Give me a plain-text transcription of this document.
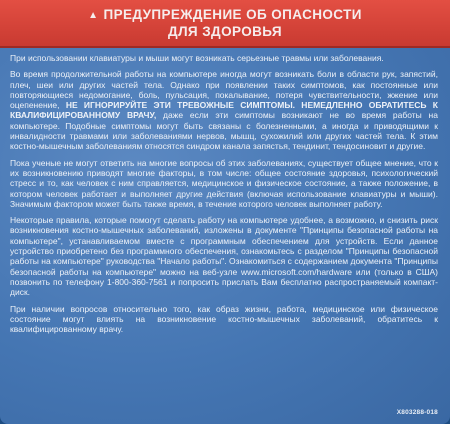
▲ ПРЕДУПРЕЖДЕНИЕ ОБ ОПАСНОСТИ
ДЛЯ ЗДОРОВЬЯ

При использовании клавиатуры и мыши могут возникать серьезные травмы или заболевания.

Во время продолжительной работы на компьютере иногда могут возникать боли в области рук, запястий, плеч, шеи или других частей тела. Однако при появлении таких симптомов, как постоянные или повторяющиеся недомогание, боль, пульсация, покалывание, потеря чувствительности, жжение или оцепенение, НЕ ИГНОРИРУЙТЕ ЭТИ ТРЕВОЖНЫЕ СИМПТОМЫ. НЕМЕДЛЕННО ОБРАТИТЕСЬ К КВАЛИФИЦИРОВАННОМУ ВРАЧУ, даже если эти симптомы возникают не во время работы на компьютере. Подобные симптомы могут быть связаны с болезненными, а иногда и приводящими к инвалидности травмами или заболеваниями нервов, мышц, сухожилий или других частей тела. К этим костно-мышечным заболеваниям относятся синдром канала запястья, тендинит, тендосиновит и другие.

Пока ученые не могут ответить на многие вопросы об этих заболеваниях, существует общее мнение, что к их возникновению приводят многие факторы, в том числе: общее состояние здоровья, психологический стресс и то, как человек с ним справляется, медицинское и физическое состояние, а также положение, в котором человек работает и выполняет другие действия (включая использование клавиатуры и мыши). Значимым фактором может быть также время, в течение которого человек выполняет работу.

Некоторые правила, которые помогут сделать работу на компьютере удобнее, а возможно, и снизить риск возникновения костно-мышечных заболеваний, изложены в документе "Принципы безопасной работы на компьютере", устанавливаемом вместе с программным обеспечением для устройств. Если данное устройство приобретено без программного обеспечения, ознакомьтесь с разделом "Принципы безопасной работы на компьютере" руководства "Начало работы". Ознакомиться с содержанием документа "Принципы безопасной работы на компьютере" можно на веб-узле www.microsoft.com/hardware или (только в США) позвонить по телефону 1-800-360-7561 и попросить прислать Вам бесплатно распространяемый компакт-диск.

При наличии вопросов относительно того, как образ жизни, работа, медицинское или физическое состояние могут влиять на возникновение костно-мышечных заболеваний, обратитесь к квалифицированному врачу.

X803288-018
